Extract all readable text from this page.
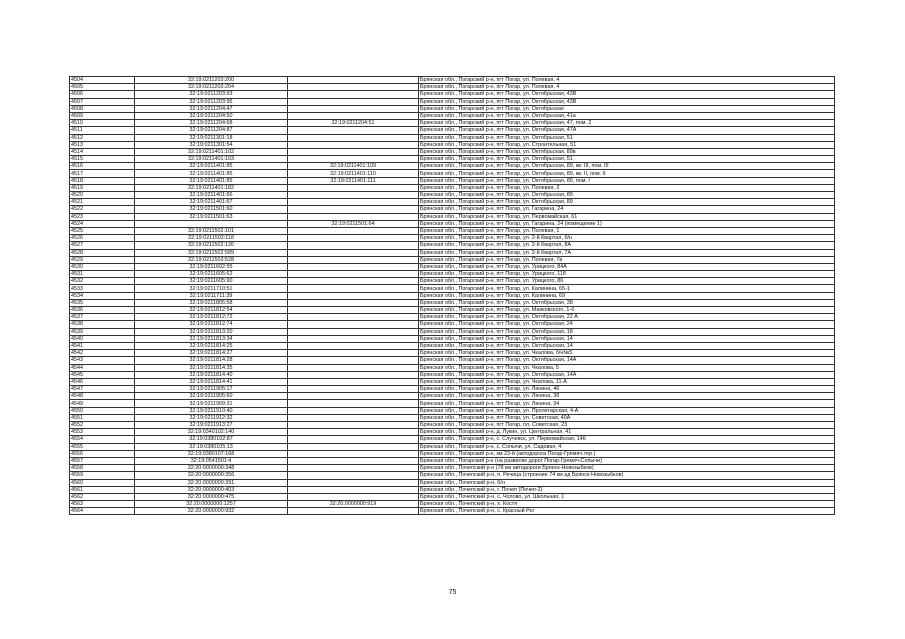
4504	32:19:0211203:200		Брянская обл., Погарский р-н, пгт Погар, ул. Полевая, 4
4505	32:19:0211203:204		Брянская обл., Погарский р-н, пгт Погар, ул. Полевая, 4
4506	32:19:0211203:93		Брянская обл., Погарский р-н, пгт Погар, ул. Октябрьская, 43В
4507	32:19:0211203:95		Брянская обл., Погарский р-н, пгт Погар, ул. Октябрьская, 43В
4508	32:19:0211204:47		Брянская обл., Погарский р-н, пгт Погар, ул. Октябрьская
4509	32:19:0211204:50		Брянская обл., Погарский р-н, пгт Погар, ул. Октябрьская, 41а
4510	32:19:0211204:68	32:19:0211204:51	Брянская обл., Погарский р-н, пгт Погар, ул. Октябрьская, 47, пом. 2
4511	32:19:0211204:87		Брянская обл., Погарский р-н, пгт Погар, ул. Октябрьская, 47А
4512	32:19:0211301:18		Брянская обл., Погарский р-н, пгт Погар, ул. Октябрьская, 51
4513	32:19:0211301:54		Брянская обл., Погарский р-н, пгт Погар, ул. Строительная, 51
4514	32:19:0211401:102		Брянская обл., Погарский р-н, пгт Погар, ул. Октябрьская, 89в
4515	32:19:0211401:103		Брянская обл., Погарский р-н, пгт Погар, ул. Октябрьская, 51
4516	32:19:0211401:85	32:19:0211401:109	Брянская обл., Погарский р-н, пгт Погар, ул. Октябрьская, 89, кв. III, пом. III
4517	32:19:0211401:85	32:19:0211401:110	Брянская обл., Погарский р-н, пгт Погар, ул. Октябрьская, 89, кв. II, пом. II
4518	32:19:0211401:85	32:19:0211401:111	Брянская обл., Погарский р-н, пгт Погар, ул. Октябрьская, 89, пом. I
4519	32:19:0211401:182		Брянская обл., Погарский р-н, пгт Погар, ул. Полевая, 2
4520	32:19:0211401:66		Брянская обл., Погарский р-н, пгт Погар, ул. Октябрьская, 89
4521	32:19:0211401:67		Брянская обл., Погарский р-н, пгт Погар, ул. Октябрьская, 89
4522	32:19:0211501:60		Брянская обл., Погарский р-н, пгт Погар, ул. Гагарина, 24
4523	32:19:0211501:63		Брянская обл., Погарский р-н, пгт Погар, ул. Первомайская, 61
4524		32:19:0211501:64	Брянская обл., Погарский р-н, пгт Погар, ул. Гагарина, 24 (помещение 1)
4525	32:19:0211502:101		Брянская обл., Погарский р-н, пгт Погар, ул. Полевая, 1
4526	32:19:0211502:118		Брянская обл., Погарский р-н, пгт Погар, ул. 2-й Квартал, б/н
4527	32:19:0211502:126		Брянская обл., Погарский р-н, пгт Погар, ул. 2-й Квартал, 8А
4528	32:19:0211502:589		Брянская обл., Погарский р-н, пгт Погар, ул. 2-й Квартал, 7А
4529	32:19:0211503:528		Брянская обл., Погарский р-н, пгт Погар, ул. Полевая, 7в
4530	32:19:0211602:55		Брянская обл., Погарский р-н, пгт Погар, ул. Урицкого, 84А
4531	32:19:0211605:62		Брянская обл., Погарский р-н, пгт Погар, ул. Урицкого, 118
4532	32:19:0211605:90		Брянская обл., Погарский р-н, пгт Погар, ул. Урицкого, 86
4533	32:19:0211710:51		Брянская обл., Погарский р-н, пгт Погар, ул. Калинина, 65-1
4534	32:19:0211711:39		Брянская обл., Погарский р-н, пгт Погар, ул. Калинина, 69
4535	32:19:0211805:58		Брянская обл., Погарский р-н, пгт Погар, ул. Октябрьская, 38
4536	32:19:0211812:54		Брянская обл., Погарский р-н, пгт Погар, ул. Маяковского, 1-б
4537	32:19:0211812:72		Брянская обл., Погарский р-н, пгт Погар, ул. Октябрьская, 22 А
4538	32:19:0211812:74		Брянская обл., Погарский р-н, пгт Погар, ул. Октябрьская, 24
4539	32:19:0211813:20		Брянская обл., Погарский р-н, пгт Погар, ул. Октябрьская, 18
4540	32:19:0211813:34		Брянская обл., Погарский р-н, пгт Погар, ул. Октябрьская, 14
4541	32:19:0211814:25		Брянская обл., Погарский р-н, пгт Погар, ул. Октябрьская, 14
4542	32:19:0211814:27		Брянская обл., Погарский р-н, пгт Погар, ул. Чкалова, б/н№5
4543	32:19:0211814:28		Брянская обл., Погарский р-н, пгт Погар, ул. Октябрьская, 14А
4544	32:19:0211814:35		Брянская обл., Погарский р-н, пгт Погар, ул. Чкалова, 5
4545	32:19:0211814:40		Брянская обл., Погарский р-н, пгт Погар, ул. Октябрьская, 14А
4546	32:19:0211814:41		Брянская обл., Погарский р-н, пгт Погар, ул. Чкалова, 11-А
4547	32:19:0211905:17		Брянская обл., Погарский р-н, пгт Погар, ул. Ленина, 46
4548	32:19:0211905:60		Брянская обл., Погарский р-н, пгт Погар, ул. Ленина, 38
4549	32:19:0211909:31		Брянская обл., Погарский р-н, пгт Погар, ул. Ленина, 34
4550	32:19:0211910:40		Брянская обл., Погарский р-н, пгт Погар, ул. Пролетарская, 4-А
4551	32:19:0211912:32		Брянская обл., Погарский р-н, пгт Погар, ул. Советская, 40А
4552	32:19:0211913:27		Брянская обл., Погарский р-н, пгт Погар, пл. Советская, 23
4553	32:19:0340102:140		Брянская обл., Погарский р-н, д. Лукин, ул. Центральная, 41
4554	32:19:0380102:87		Брянская обл., Погарский р-н, с. Случевск, ул. Первомайская, 146
4555	32:19:0380105:13		Брянская обл., Погарский р-н, с. Сопычи, ул. Садовая, 4
4556	32:19:0380107:168		Брянская обл., Погарский р-н, км 23-й (автодорога Погар-Гремяч.тер.)
4557	32:19:0541501:4		Брянская обл., Погарский р-н (на развилке дорог Погар-Гремяч-Сопычи)
4558	32:20:0000000:348		Брянская обл., Почепский р-н (78 км автодороги Брянск-Новозыбков)
4559	32:20:0000000:356		Брянская обл., Почепский р-н, п. Речица (строение 74 км ад Брянск-Новозыбков)
4560	32:20:0000000:391		Брянская обл., Почепский р-н, б/н
4561	32:20:0000000:403		Брянская обл., Почепский р-н, г. Почеп (Почеп-2)
4562	32:20:0000000:475		Брянская обл., Почепский р-н, с. Чолово, ул. Школьная, 1
4563	32:20:0000000:1257	32:20:0000000:919	Брянская обл., Почепский р-н, х. Костя
4564	32:20:0000000:932		Брянская обл., Почепский р-н, с. Красный Рог
75
